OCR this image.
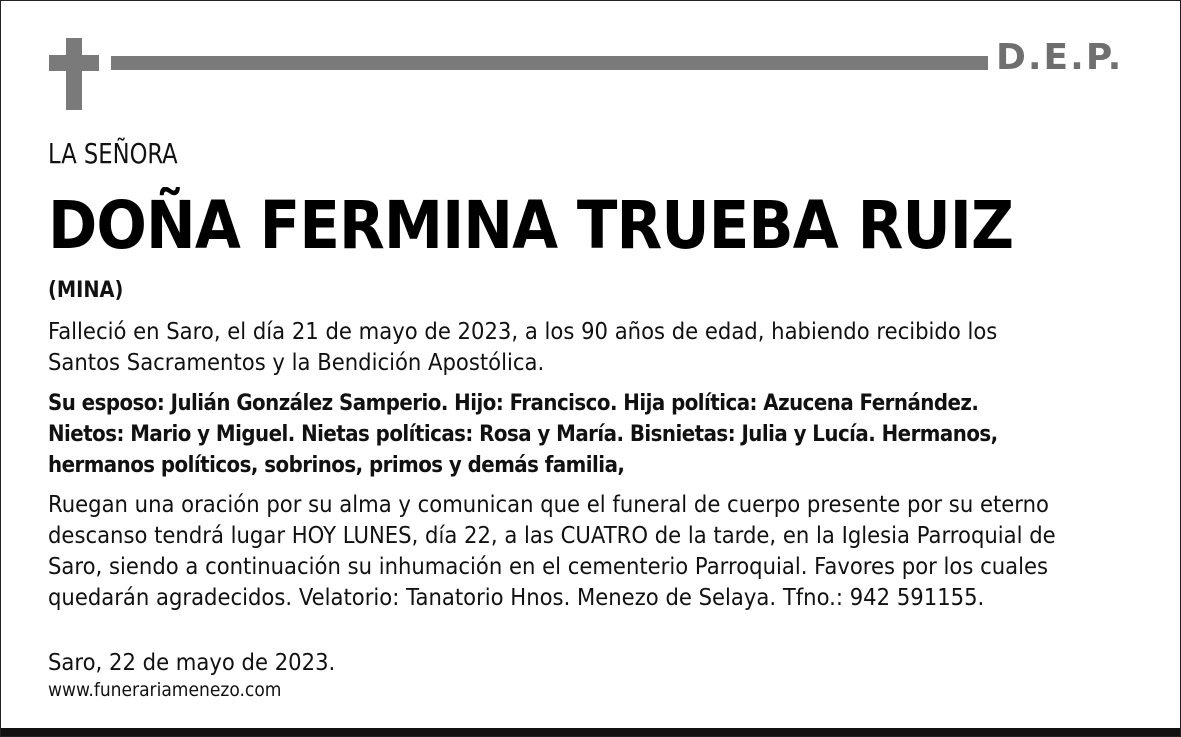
D.E.P.
LA SEÑORA
DOÑA FERMINA TRUEBA RUIZ
(MINA)
Falleció en Saro, el día 21 de mayo de 2023, a los 90 años de edad, habiendo recibido los
Santos Sacramentos y la Bendición Apostólica.
Su esposo: Julián González Samperio. Hijo: Francisco. Hija política: Azucena Fernández.
Nietos: Mario y Miguel. Nietas políticas: Rosa y María. Bisnietas: Julia y Lucía. Hermanos,
hermanos políticos, sobrinos, primos y demás familia,
Ruegan una oración por su alma y comunican que el funeral de cuerpo presente por su eterno
descanso tendrá lugar HOY LUNES, día 22, a las CUATRO de la tarde, en la Iglesia Parroquial de
Saro, siendo a continuación su inhumación en el cementerio Parroquial. Favores por los cuales
quedarán agradecidos. Velatorio: Tanatorio Hnos. Menezo de Selaya. Tfno.: 942 591155.
Saro, 22 de mayo de 2023.
www.funerariamenezo.com
